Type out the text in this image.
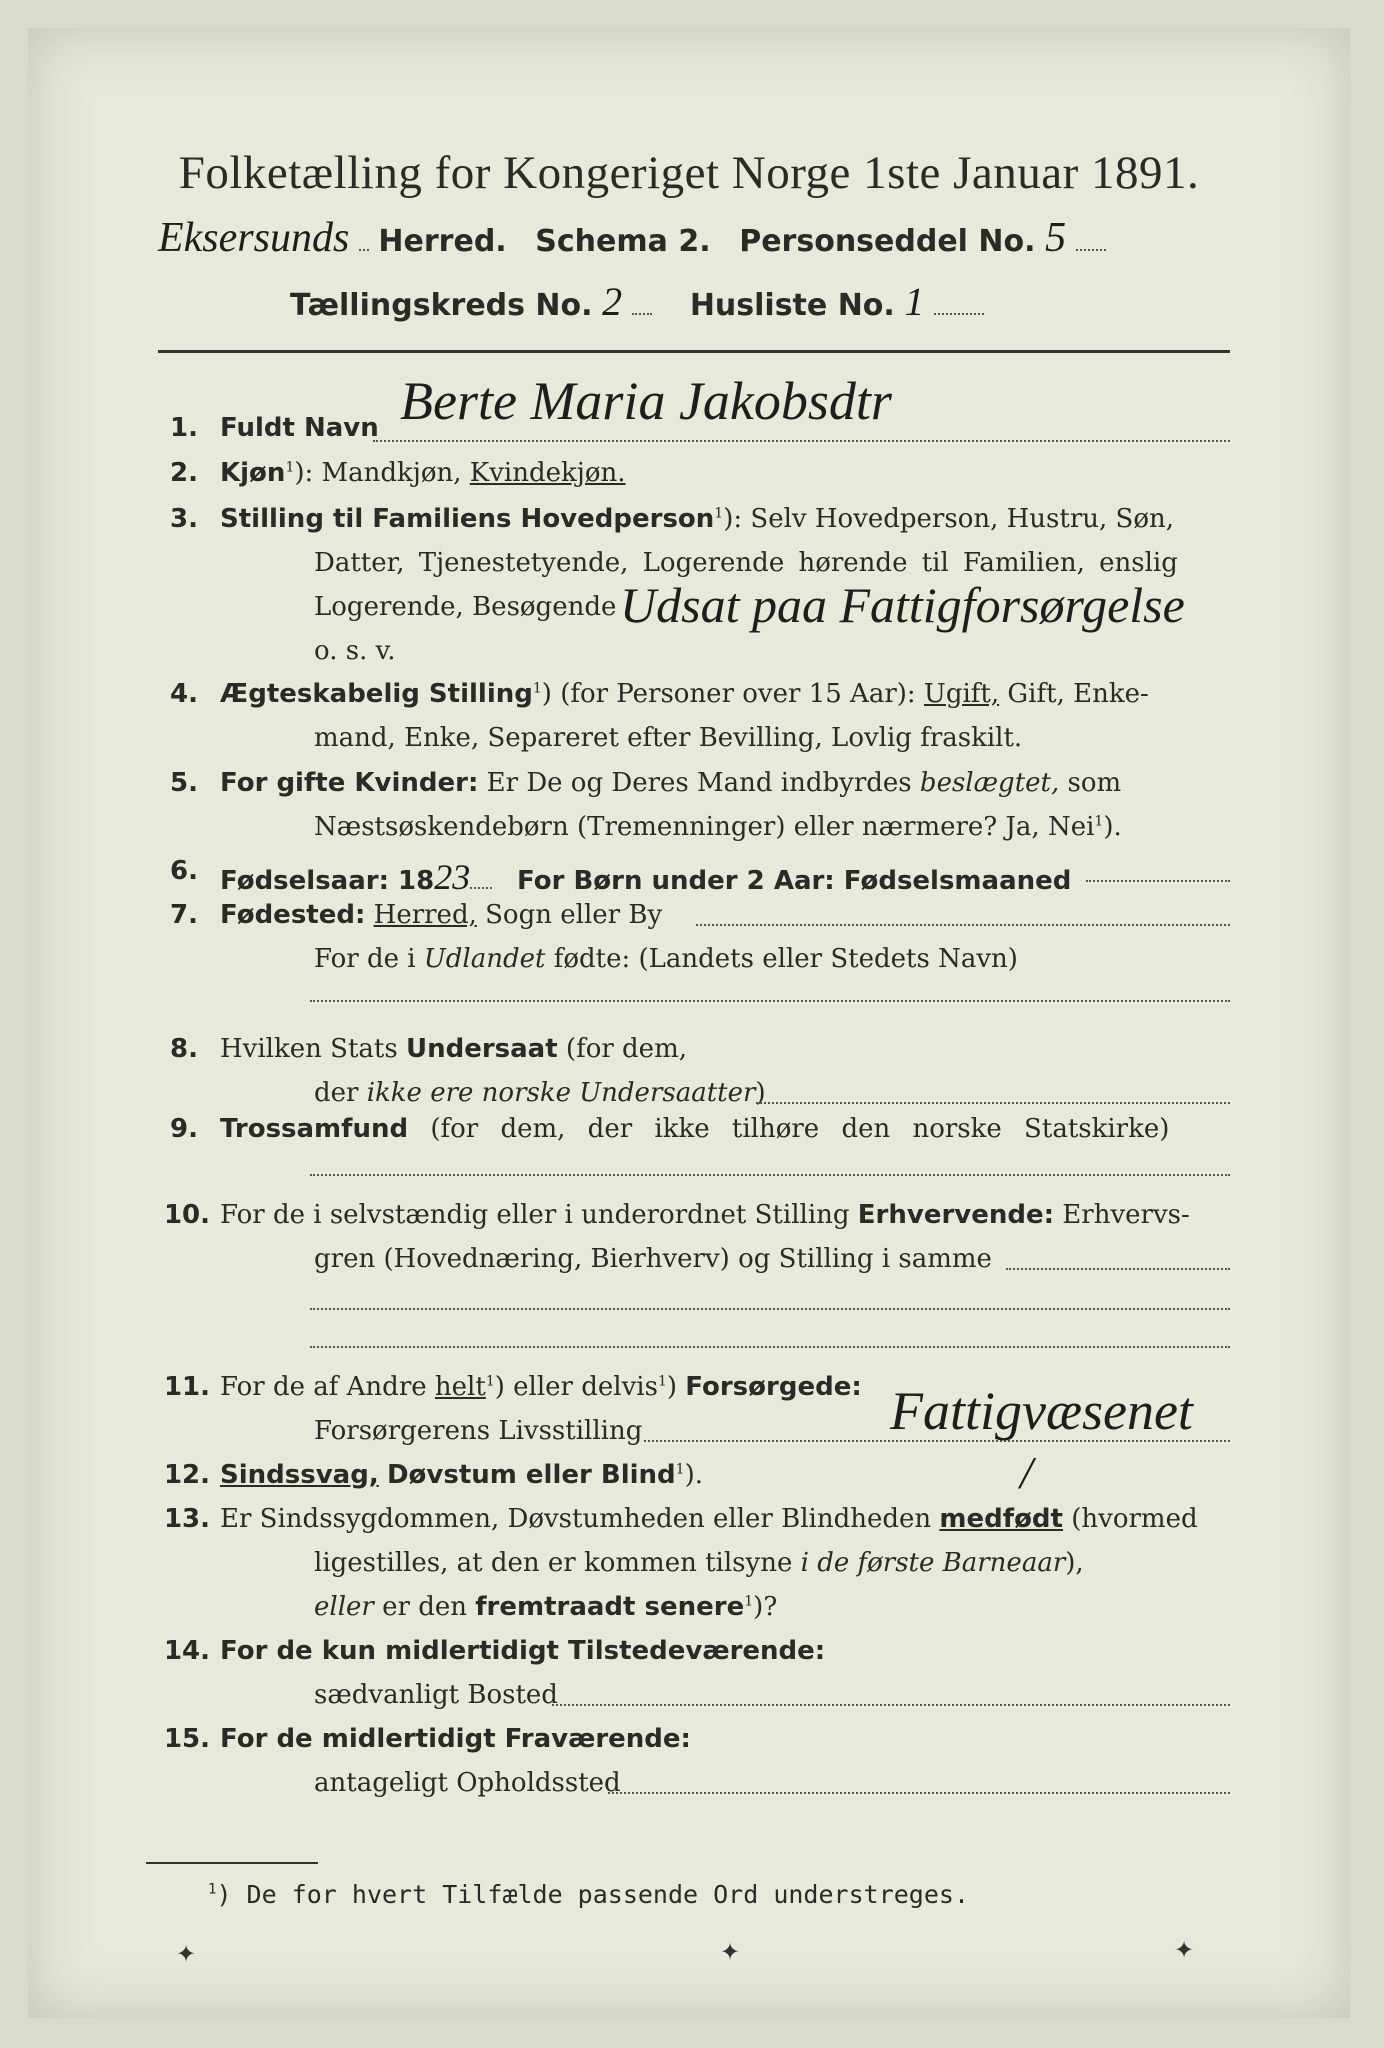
Folketælling for Kongeriget Norge 1ste Januar 1891.
Eksersunds Herred. Schema 2. Personseddel No. 5
Tællingskreds No. 2 Husliste No. 1
1. Fuldt Navn Berte Maria Jakobsdtr
2. Kjøn$^1$): Mandkjøn, Kvindekjøn.
3. Stilling til Familiens Hovedperson$^1$): Selv Hovedperson, Hustru, Søn,
Datter, Tjenestetyende, Logerende hørende til Familien, enslig
Logerende, Besøgende Udsat paa Fattigforsørgelse
o. s. v.
4. Ægteskabelig Stilling$^1$) (for Personer over 15 Aar): Ugift, Gift, Enke-
mand, Enke, Separeret efter Bevilling, Lovlig fraskilt.
5. For gifte Kvinder: Er De og Deres Mand indbyrdes beslægtet, som
Næstsøskendebørn (Tremenninger) eller nærmere? Ja, Nei$^1$).
6. Fødselsaar: 1823 For Børn under 2 Aar: Fødselsmaaned
7. Fødested: Herred, Sogn eller By
For de i Udlandet fødte: (Landets eller Stedets Navn)
8. Hvilken Stats Undersaat (for dem,
der ikke ere norske Undersaatter)
9. Trossamfund (for dem, der ikke tilhøre den norske Statskirke)
10. For de i selvstændig eller i underordnet Stilling Erhvervende: Erhvervs-
gren (Hovednæring, Bierhverv) og Stilling i samme
11. For de af Andre helt$^1$) eller delvis$^1$) Forsørgede:
Forsørgerens Livsstilling	Fattigvæsenet
12. Sindssvag, Døvstum eller Blind$^1$).	/
13. Er Sindssygdommen, Døvstumheden eller Blindheden medfødt (hvormed
ligestilles, at den er kommen tilsyne i de første Barneaar),
eller er den fremtraadt senere$^1$)?
14. For de kun midlertidigt Tilstedeværende:
sædvanligt Bosted
15. For de midlertidigt Fraværende:
antageligt Opholdssted
$^1$) De for hvert Tilfælde passende Ord understreges.
✦	✦	✦
